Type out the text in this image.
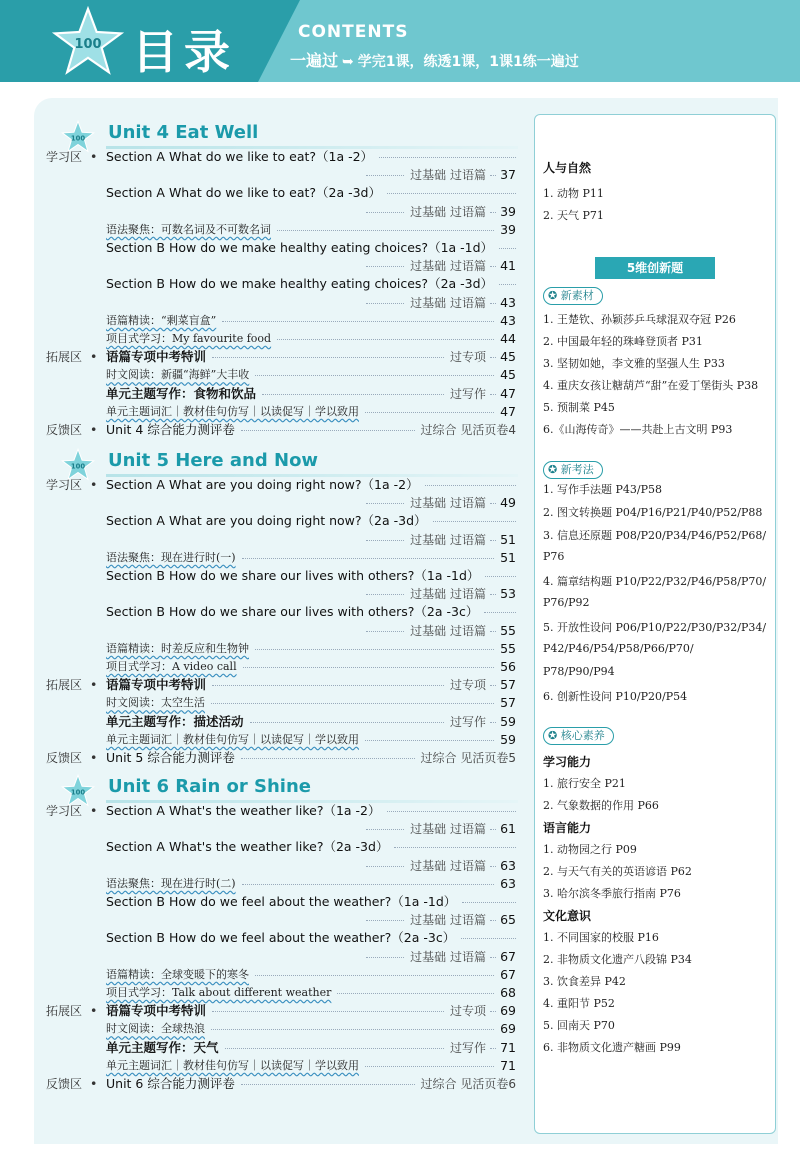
100 目录	CONTENTS
一遍过 ➥ 学完1课，练透1课，1课1练一遍过
100 Unit 4 Eat Well
学习区 • Section A What do we like to eat?（1a -2）
过基础 过语篇 37
Section A What do we like to eat?（2a -3d）
过基础 过语篇 39
语法聚焦：可数名词及不可数名词	39
Section B How do we make healthy eating choices?（1a -1d）
过基础 过语篇 41
Section B How do we make healthy eating choices?（2a -3d）
过基础 过语篇 43
语篇精读：“剩菜盲盒”	43
项目式学习：My favourite food	44
拓展区 • 语篇专项中考特训	过专项 45
时文阅读：新疆“海鲜”大丰收	45
单元主题写作：食物和饮品	过写作 47
单元主题词汇｜教材佳句仿写｜以读促写｜学以致用	47
反馈区 • Unit 4 综合能力测评卷	过综合 见活页卷4
100 Unit 5 Here and Now
学习区 • Section A What are you doing right now?（1a -2）
过基础 过语篇 49
Section A What are you doing right now?（2a -3d）
过基础 过语篇 51
语法聚焦：现在进行时(一)	51
Section B How do we share our lives with others?（1a -1d）
过基础 过语篇 53
Section B How do we share our lives with others?（2a -3c）
过基础 过语篇 55
语篇精读：时差反应和生物钟	55
项目式学习：A video call	56
拓展区 • 语篇专项中考特训	过专项 57
时文阅读：太空生活	57
单元主题写作：描述活动	过写作 59
单元主题词汇｜教材佳句仿写｜以读促写｜学以致用	59
反馈区 • Unit 5 综合能力测评卷	过综合 见活页卷5
100 Unit 6 Rain or Shine
学习区 • Section A What's the weather like?（1a -2）
过基础 过语篇 61
Section A What's the weather like?（2a -3d）
过基础 过语篇 63
语法聚焦：现在进行时(二)	63
Section B How do we feel about the weather?（1a -1d）
过基础 过语篇 65
Section B How do we feel about the weather?（2a -3c）
过基础 过语篇 67
语篇精读：全球变暖下的寒冬	67
项目式学习：Talk about different weather	68
拓展区 • 语篇专项中考特训	过专项 69
时文阅读：全球热浪	69
单元主题写作：天气	过写作 71
单元主题词汇｜教材佳句仿写｜以读促写｜学以致用	71
反馈区 • Unit 6 综合能力测评卷	过综合 见活页卷6
人与自然
1. 动物 P11
2. 天气 P71
5维创新题
✪ 新素材
1. 王楚钦、孙颖莎乒乓球混双夺冠 P26
2. 中国最年轻的珠峰登顶者 P31
3. 坚韧如她，李文雅的坚强人生 P33
4. 重庆女孩让糖葫芦“甜”在爱丁堡街头 P38
5. 预制菜 P45
6.《山海传奇》——共赴上古文明 P93
✪ 新考法
1. 写作手法题 P43/P58
2. 图文转换题 P04/P16/P21/P40/P52/P88
3. 信息还原题 P08/P20/P34/P46/P52/P68/
P76
4. 篇章结构题 P10/P22/P32/P46/P58/P70/
P76/P92
5. 开放性设问 P06/P10/P22/P30/P32/P34/
P42/P46/P54/P58/P66/P70/
P78/P90/P94
6. 创新性设问 P10/P20/P54
✪ 核心素养
学习能力
1. 旅行安全 P21
2. 气象数据的作用 P66
语言能力
1. 动物园之行 P09
2. 与天气有关的英语谚语 P62
3. 哈尔滨冬季旅行指南 P76
文化意识
1. 不同国家的校服 P16
2. 非物质文化遗产八段锦 P34
3. 饮食差异 P42
4. 重阳节 P52
5. 回南天 P70
6. 非物质文化遗产糖画 P99
